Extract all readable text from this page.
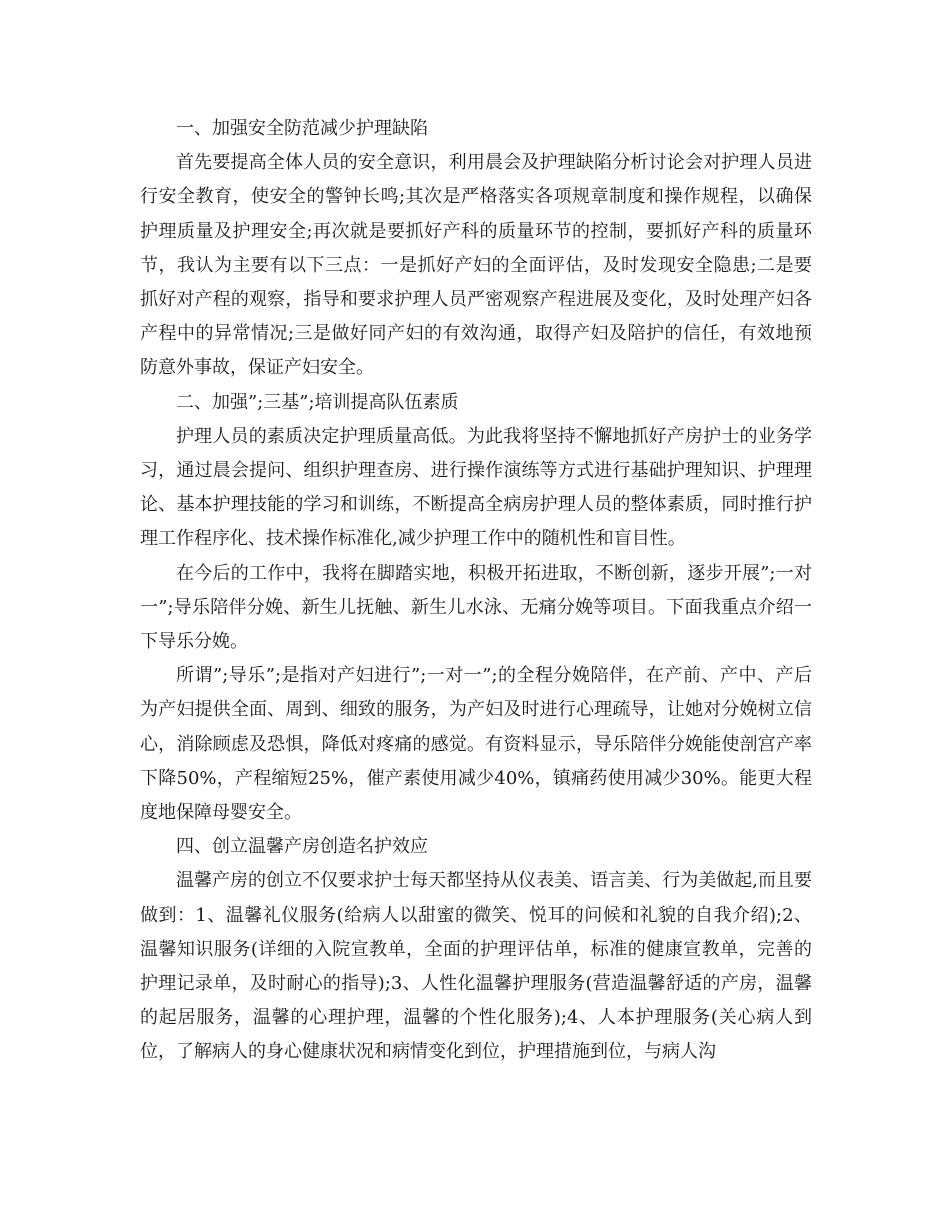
一、加强安全防范减少护理缺陷

首先要提高全体人员的安全意识，利用晨会及护理缺陷分析讨论会对护理人员进行安全教育，使安全的警钟长鸣;其次是严格落实各项规章制度和操作规程，以确保护理质量及护理安全;再次就是要抓好产科的质量环节的控制，要抓好产科的质量环节，我认为主要有以下三点：一是抓好产妇的全面评估，及时发现安全隐患;二是要抓好对产程的观察，指导和要求护理人员严密观察产程进展及变化，及时处理产妇各产程中的异常情况;三是做好同产妇的有效沟通，取得产妇及陪护的信任，有效地预防意外事故，保证产妇安全。

二、加强”;三基”;培训提高队伍素质

护理人员的素质决定护理质量高低。为此我将坚持不懈地抓好产房护士的业务学习，通过晨会提问、组织护理查房、进行操作演练等方式进行基础护理知识、护理理论、基本护理技能的学习和训练，不断提高全病房护理人员的整体素质，同时推行护理工作程序化、技术操作标准化,减少护理工作中的随机性和盲目性。

在今后的工作中，我将在脚踏实地，积极开拓进取，不断创新，逐步开展”;一对一”;导乐陪伴分娩、新生儿抚触、新生儿水泳、无痛分娩等项目。下面我重点介绍一下导乐分娩。

所谓”;导乐”;是指对产妇进行”;一对一”;的全程分娩陪伴，在产前、产中、产后为产妇提供全面、周到、细致的服务，为产妇及时进行心理疏导，让她对分娩树立信心，消除顾虑及恐惧，降低对疼痛的感觉。有资料显示，导乐陪伴分娩能使剖宫产率下降50%，产程缩短25%，催产素使用减少40%，镇痛药使用减少30%。能更大程度地保障母婴安全。

四、创立温馨产房创造名护效应

温馨产房的创立不仅要求护士每天都坚持从仪表美、语言美、行为美做起,而且要做到：1、温馨礼仪服务(给病人以甜蜜的微笑、悦耳的问候和礼貌的自我介绍);2、温馨知识服务(详细的入院宣教单，全面的护理评估单，标准的健康宣教单，完善的护理记录单，及时耐心的指导);3、人性化温馨护理服务(营造温馨舒适的产房，温馨的起居服务，温馨的心理护理，温馨的个性化服务);4、人本护理服务(关心病人到位，了解病人的身心健康状况和病情变化到位，护理措施到位，与病人沟
